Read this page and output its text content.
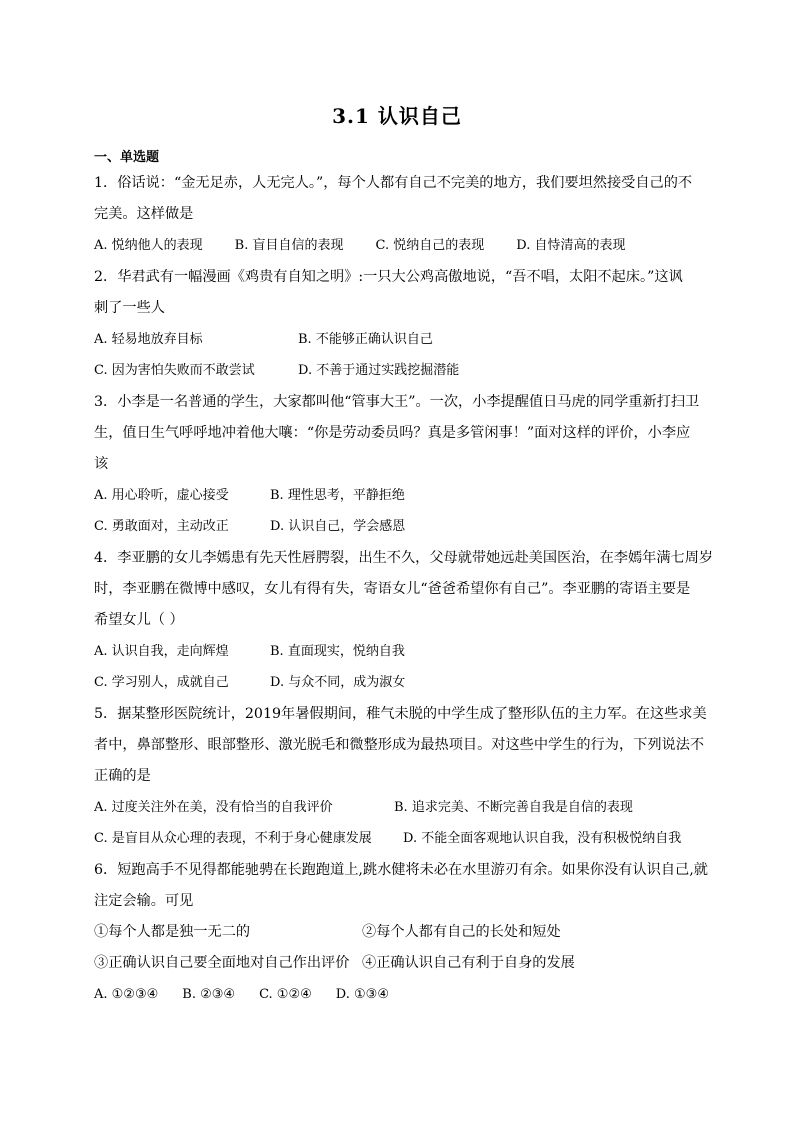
3.1 认识自己
一、单选题
1．俗话说：“金无足赤，人无完人。”，每个人都有自己不完美的地方，我们要坦然接受自己的不
完美。这样做是
A. 悦纳他人的表现 B. 盲目自信的表现 C. 悦纳自己的表现 D. 自恃清高的表现
2．华君武有一幅漫画《鸡贵有自知之明》:一只大公鸡高傲地说，“吾不唱，太阳不起床。”这讽
刺了一些人
A. 轻易地放弃目标	B. 不能够正确认识自己
C. 因为害怕失败而不敢尝试	D. 不善于通过实践挖掘潜能
3．小李是一名普通的学生，大家都叫他“管事大王”。一次，小李提醒值日马虎的同学重新打扫卫
生，值日生气呼呼地冲着他大嚷：“你是劳动委员吗？真是多管闲事！”面对这样的评价，小李应
该
A. 用心聆听，虚心接受	B. 理性思考，平静拒绝
C. 勇敢面对，主动改正	D. 认识自己，学会感恩
4．李亚鹏的女儿李嫣患有先天性唇腭裂，出生不久，父母就带她远赴美国医治，在李嫣年满七周岁
时，李亚鹏在微博中感叹，女儿有得有失，寄语女儿“爸爸希望你有自己”。李亚鹏的寄语主要是
希望女儿（ ）
A. 认识自我，走向辉煌	B. 直面现实，悦纳自我
C. 学习别人，成就自己	D. 与众不同，成为淑女
5．据某整形医院统计，2019年暑假期间，稚气未脱的中学生成了整形队伍的主力军。在这些求美
者中，鼻部整形、眼部整形、激光脱毛和微整形成为最热项目。对这些中学生的行为，下列说法不
正确的是
A. 过度关注外在美，没有恰当的自我评价	B. 追求完美、不断完善自我是自信的表现
C. 是盲目从众心理的表现，不利于身心健康发展 D. 不能全面客观地认识自我，没有积极悦纳自我
6．短跑高手不见得都能驰骋在长跑跑道上,跳水健将未必在水里游刃有余。如果你没有认识自己,就
注定会输。可见
①每个人都是独一无二的	②每个人都有自己的长处和短处
③正确认识自己要全面地对自己作出评价 ④正确认识自己有利于自身的发展
A. ①②③④ B. ②③④ C. ①②④ D. ①③④
